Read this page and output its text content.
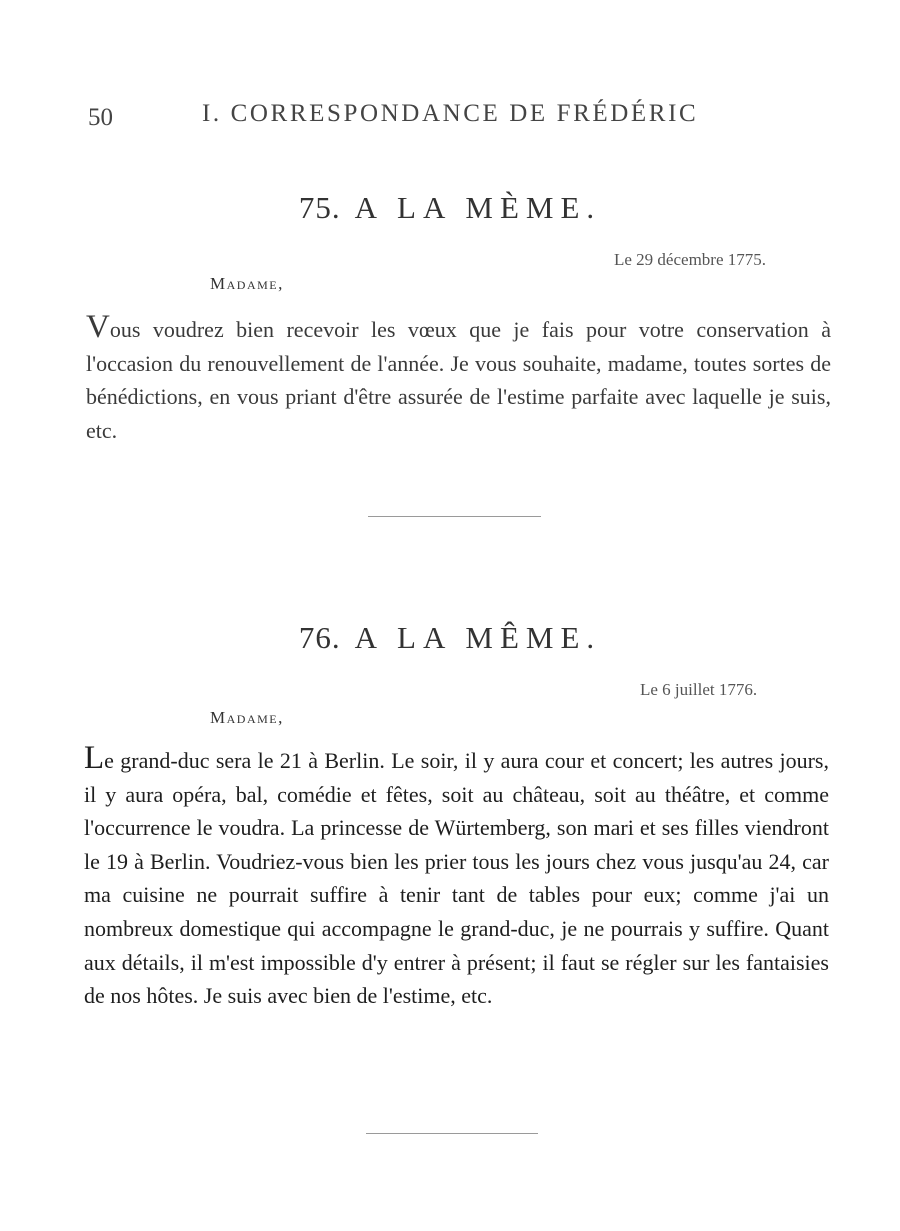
50	I. CORRESPONDANCE DE FRÉDÉRIC
75. A LA MÈME.
Le 29 décembre 1775.
Madame,
Vous voudrez bien recevoir les vœux que je fais pour votre conservation à l'occasion du renouvellement de l'année. Je vous souhaite, madame, toutes sortes de bénédictions, en vous priant d'être assurée de l'estime parfaite avec laquelle je suis, etc.
76. A LA MÊME.
Le 6 juillet 1776.
Madame,
Le grand-duc sera le 21 à Berlin. Le soir, il y aura cour et concert; les autres jours, il y aura opéra, bal, comédie et fêtes, soit au château, soit au théâtre, et comme l'occurrence le voudra. La princesse de Würtemberg, son mari et ses filles viendront le 19 à Berlin. Voudriez-vous bien les prier tous les jours chez vous jusqu'au 24, car ma cuisine ne pourrait suffire à tenir tant de tables pour eux; comme j'ai un nombreux domestique qui accompagne le grand-duc, je ne pourrais y suffire. Quant aux détails, il m'est impossible d'y entrer à présent; il faut se régler sur les fantaisies de nos hôtes. Je suis avec bien de l'estime, etc.
